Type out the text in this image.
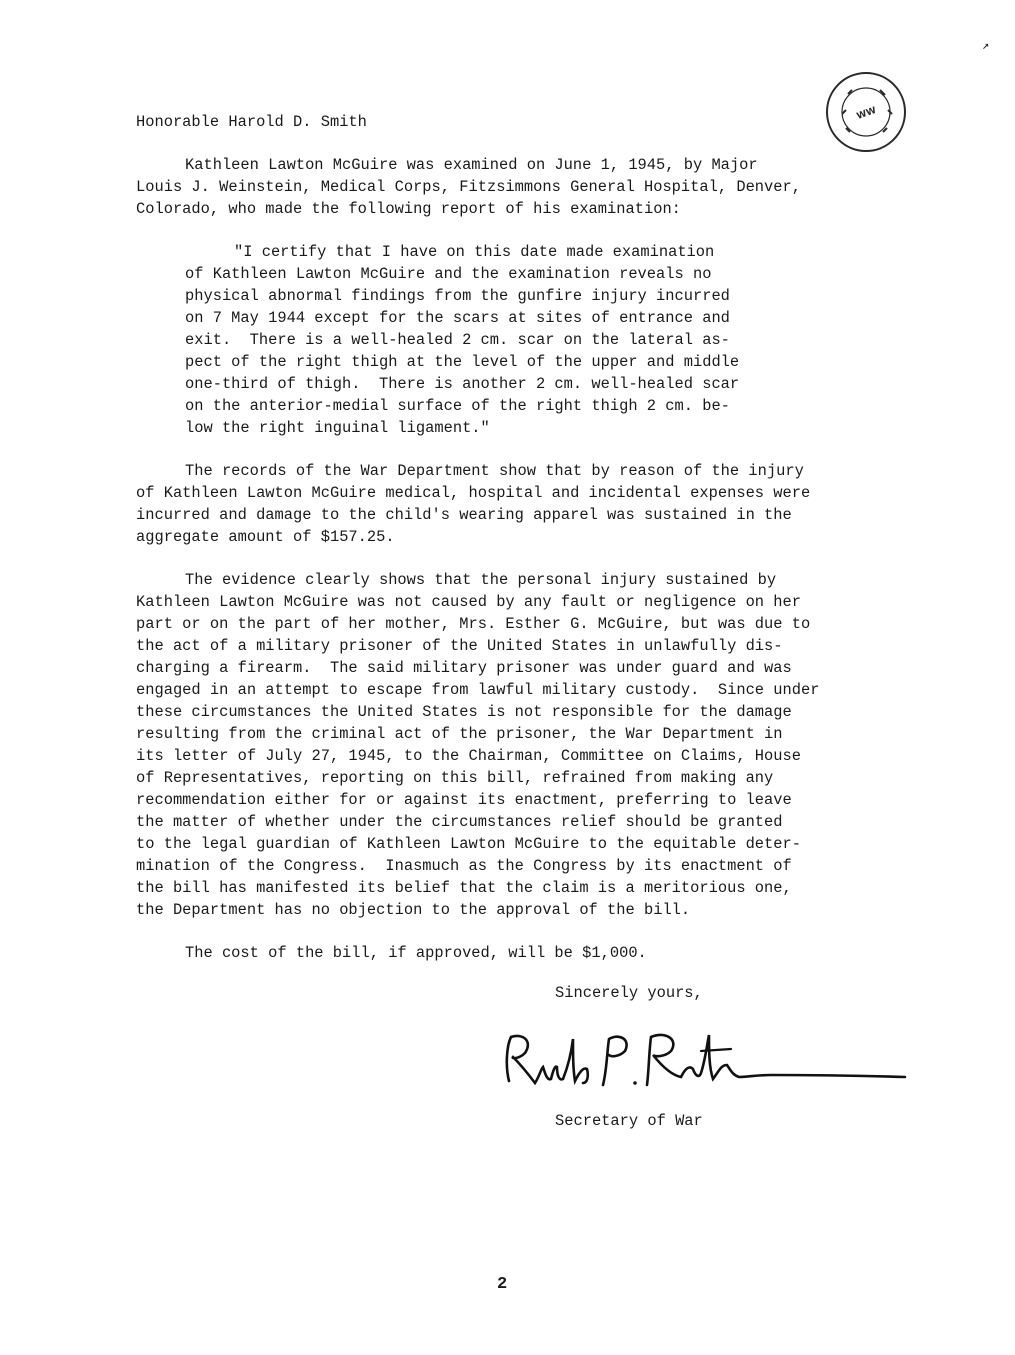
↗
W​W
Honorable Harold D. Smith
Kathleen Lawton McGuire was examined on June 1, 1945, by Major
Louis J. Weinstein, Medical Corps, Fitzsimmons General Hospital, Denver,
Colorado, who made the following report of his examination:
"I certify that I have on this date made examination
of Kathleen Lawton McGuire and the examination reveals no
physical abnormal findings from the gunfire injury incurred
on 7 May 1944 except for the scars at sites of entrance and
exit.  There is a well-healed 2 cm. scar on the lateral as-
pect of the right thigh at the level of the upper and middle
one-third of thigh.  There is another 2 cm. well-healed scar
on the anterior-medial surface of the right thigh 2 cm. be-
low the right inguinal ligament."
The records of the War Department show that by reason of the injury
of Kathleen Lawton McGuire medical, hospital and incidental expenses were
incurred and damage to the child's wearing apparel was sustained in the
aggregate amount of $157.25.
The evidence clearly shows that the personal injury sustained by
Kathleen Lawton McGuire was not caused by any fault or negligence on her
part or on the part of her mother, Mrs. Esther G. McGuire, but was due to
the act of a military prisoner of the United States in unlawfully dis-
charging a firearm.  The said military prisoner was under guard and was
engaged in an attempt to escape from lawful military custody.  Since under
these circumstances the United States is not responsible for the damage
resulting from the criminal act of the prisoner, the War Department in
its letter of July 27, 1945, to the Chairman, Committee on Claims, House
of Representatives, reporting on this bill, refrained from making any
recommendation either for or against its enactment, preferring to leave
the matter of whether under the circumstances relief should be granted
to the legal guardian of Kathleen Lawton McGuire to the equitable deter-
mination of the Congress.  Inasmuch as the Congress by its enactment of
the bill has manifested its belief that the claim is a meritorious one,
the Department has no objection to the approval of the bill.
The cost of the bill, if approved, will be $1,000.
Sincerely yours,
Secretary of War
2
